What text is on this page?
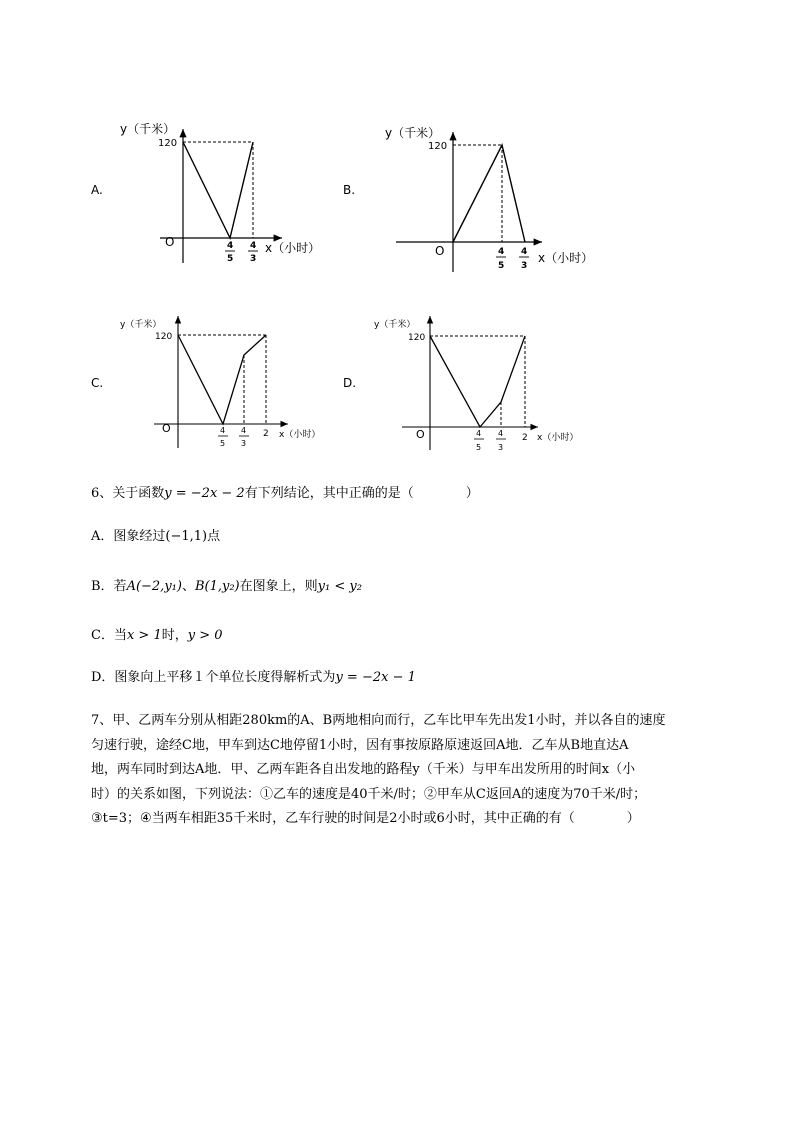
A.
y（千米）
120
O	4
5
4
3
x（小时）
B.
y（千米）
120
O	4
5
4
3
x（小时）
C.
y（千米）
120
O	4
5
4
3
2 x（小时）
D.
y（千米）
120
O	4
5
4
3
2 x（小时）
6、关于函数y = −2x − 2有下列结论，其中正确的是（　　　　）
A．图象经过(−1,1)点
B．若A(−2,y₁)、B(1,y₂)在图象上，则y₁ < y₂
C．当x > 1时，y > 0
D．图象向上平移１个单位长度得解析式为y = −2x − 1
7、甲、乙两车分别从相距280km的A、B两地相向而行，乙车比甲车先出发1小时，并以各自的速度
匀速行驶，途经C地，甲车到达C地停留1小时，因有事按原路原速返回A地．乙车从B地直达A
地，两车同时到达A地．甲、乙两车距各自出发地的路程y（千米）与甲车出发所用的时间x（小
时）的关系如图，下列说法：①乙车的速度是40千米/时；②甲车从C返回A的速度为70千米/时；
③t=3；④当两车相距35千米时，乙车行驶的时间是2小时或6小时，其中正确的有（　　　　）
